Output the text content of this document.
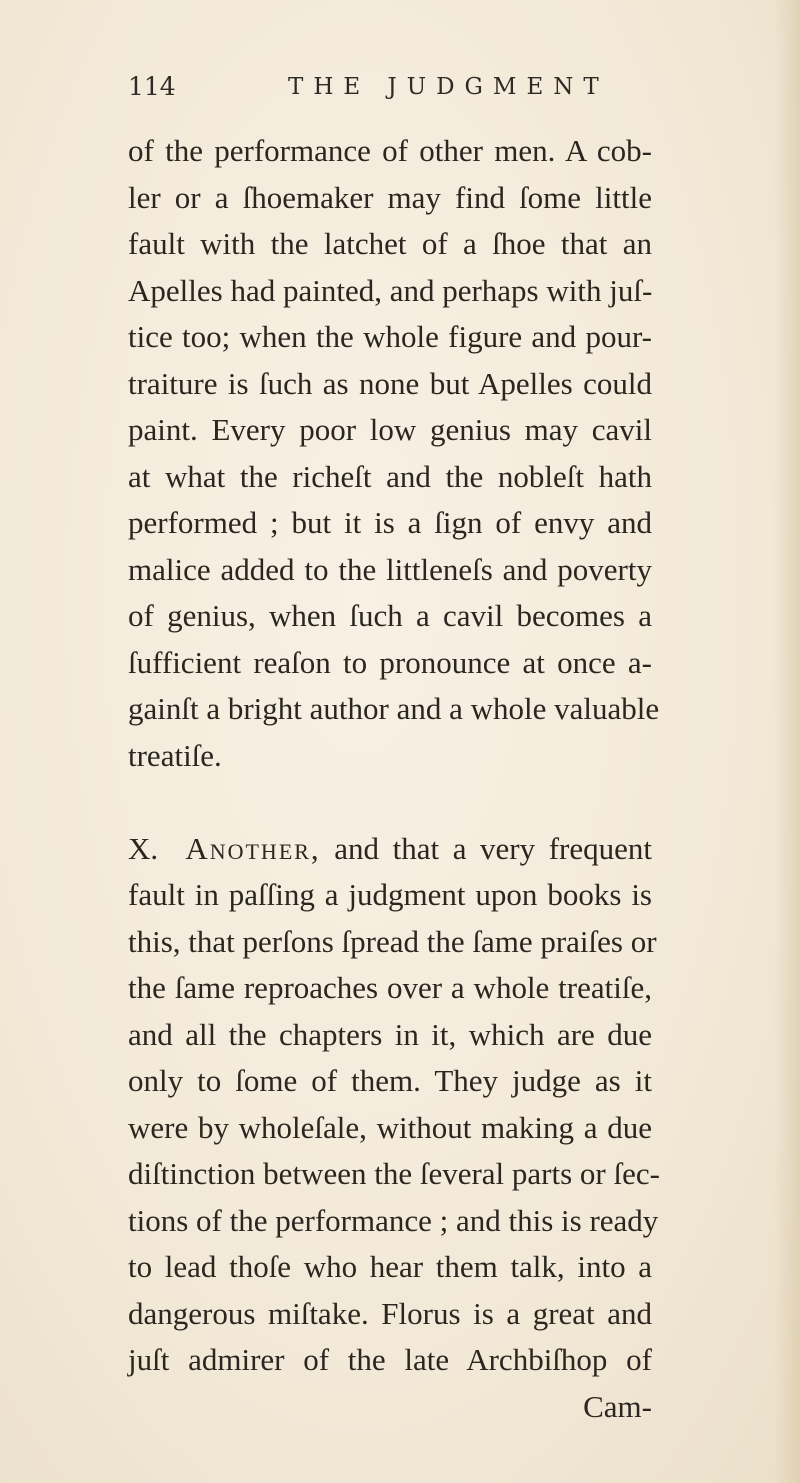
114	THE JUDGMENT
of the performance of other men. A cob-
ler or a ſhoemaker may find ſome little
fault with the latchet of a ſhoe that an
Apelles had painted, and perhaps with juſ-
tice too; when the whole figure and pour-
traiture is ſuch as none but Apelles could
paint. Every poor low genius may cavil
at what the richeſt and the nobleſt hath
performed ; but it is a ſign of envy and
malice added to the littleneſs and poverty
of genius, when ſuch a cavil becomes a
ſufficient reaſon to pronounce at once a-
gainſt a bright author and a whole valuable
treatiſe.
X. Another, and that a very frequent
fault in paſſing a judgment upon books is
this, that perſons ſpread the ſame praiſes or
the ſame reproaches over a whole treatiſe,
and all the chapters in it, which are due
only to ſome of them. They judge as it
were by wholeſale, without making a due
diſtinction between the ſeveral parts or ſec-
tions of the performance ; and this is ready
to lead thoſe who hear them talk, into a
dangerous miſtake. Florus is a great and
juſt admirer of the late Archbiſhop of
Cam-
